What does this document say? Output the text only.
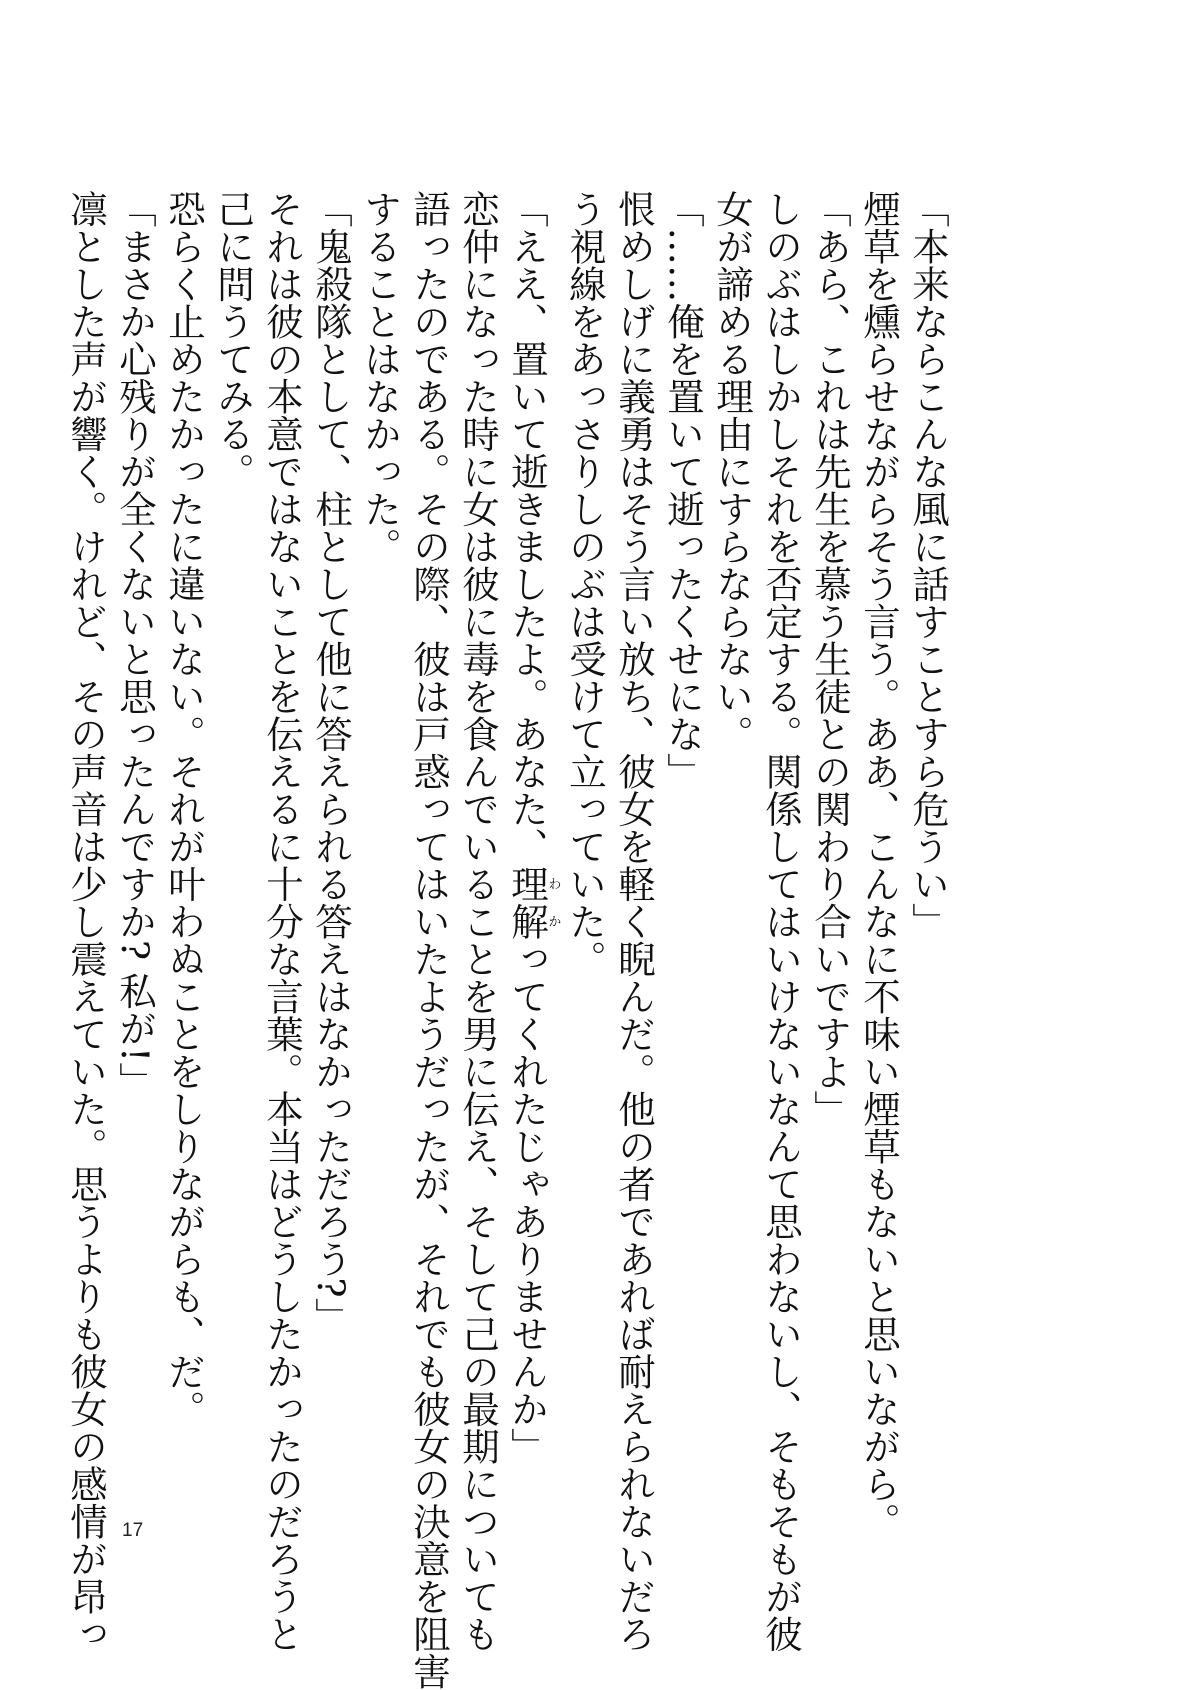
「本来ならこんな風に話すことすら危うい」
煙草を燻らせながらそう言う。ああ、こんなに不味い煙草もないと思いながら。
「あら、これは先生を慕う生徒との関わり合いですよ」
しのぶはしかしそれを否定する。関係してはいけないなんて思わないし、そもそもが彼
女が諦める理由にすらならない。
「……俺を置いて逝ったくせにな」
恨めしげに義勇はそう言い放ち、彼女を軽く睨んだ。他の者であれば耐えられないだろ
う視線をあっさりしのぶは受けて立っていた。
「ええ、置いて逝きましたよ。あなた、理解わかってくれたじゃありませんか」
恋仲になった時に女は彼に毒を食んでいることを男に伝え、そして己の最期についても
語ったのである。その際、彼は戸惑ってはいたようだったが、それでも彼女の決意を阻害
することはなかった。
「鬼殺隊として、柱として他に答えられる答えはなかっただろう?」
それは彼の本意ではないことを伝えるに十分な言葉。本当はどうしたかったのだろうと
己に問うてみる。
恐らく止めたかったに違いない。それが叶わぬことをしりながらも、だ。
「まさか心残りが全くないと思ったんですか? 私が!」
凛とした声が響く。けれど、その声音は少し震えていた。思うよりも彼女の感情が昂っ 17
